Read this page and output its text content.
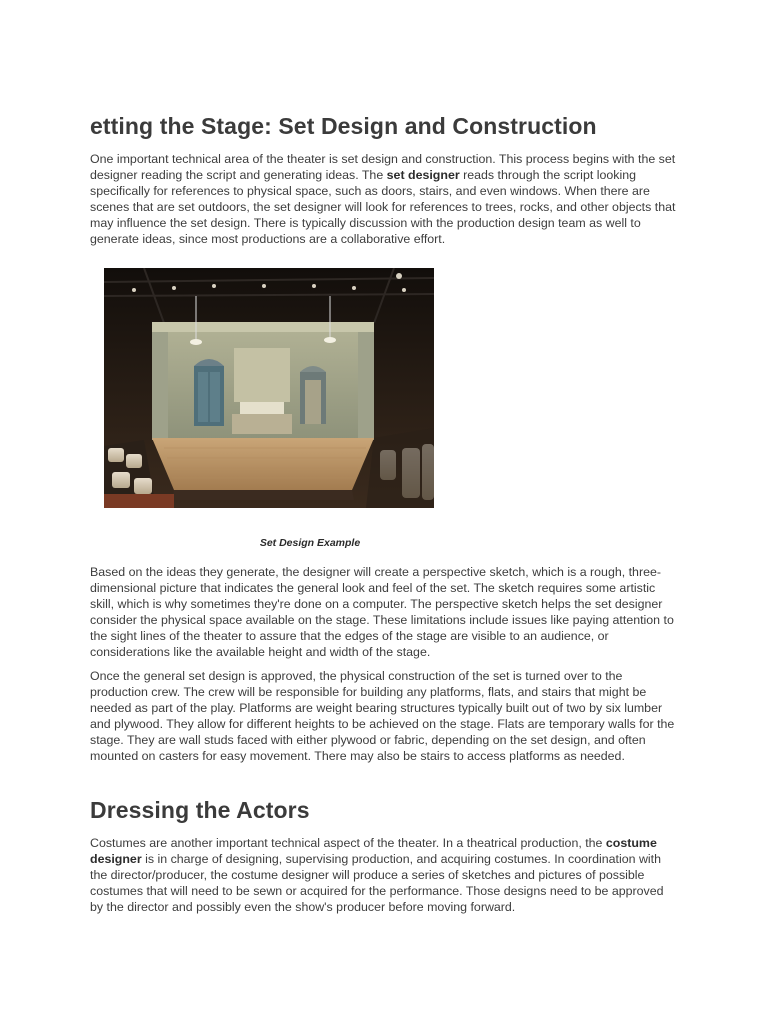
etting the Stage: Set Design and Construction

One important technical area of the theater is set design and construction. This process begins with the set designer reading the script and generating ideas. The set designer reads through the script looking specifically for references to physical space, such as doors, stairs, and even windows. When there are scenes that are set outdoors, the set designer will look for references to trees, rocks, and other objects that may influence the set design. There is typically discussion with the production design team as well to generate ideas, since most productions are a collaborative effort.

Set Design Example

Based on the ideas they generate, the designer will create a perspective sketch, which is a rough, three-dimensional picture that indicates the general look and feel of the set. The sketch requires some artistic skill, which is why sometimes they're done on a computer. The perspective sketch helps the set designer consider the physical space available on the stage. These limitations include issues like paying attention to the sight lines of the theater to assure that the edges of the stage are visible to an audience, or considerations like the available height and width of the stage.

Once the general set design is approved, the physical construction of the set is turned over to the production crew. The crew will be responsible for building any platforms, flats, and stairs that might be needed as part of the play. Platforms are weight bearing structures typically built out of two by six lumber and plywood. They allow for different heights to be achieved on the stage. Flats are temporary walls for the stage. They are wall studs faced with either plywood or fabric, depending on the set design, and often mounted on casters for easy movement. There may also be stairs to access platforms as needed.

Dressing the Actors

Costumes are another important technical aspect of the theater. In a theatrical production, the costume designer is in charge of designing, supervising production, and acquiring costumes. In coordination with the director/producer, the costume designer will produce a series of sketches and pictures of possible costumes that will need to be sewn or acquired for the performance. Those designs need to be approved by the director and possibly even the show's producer before moving forward.
